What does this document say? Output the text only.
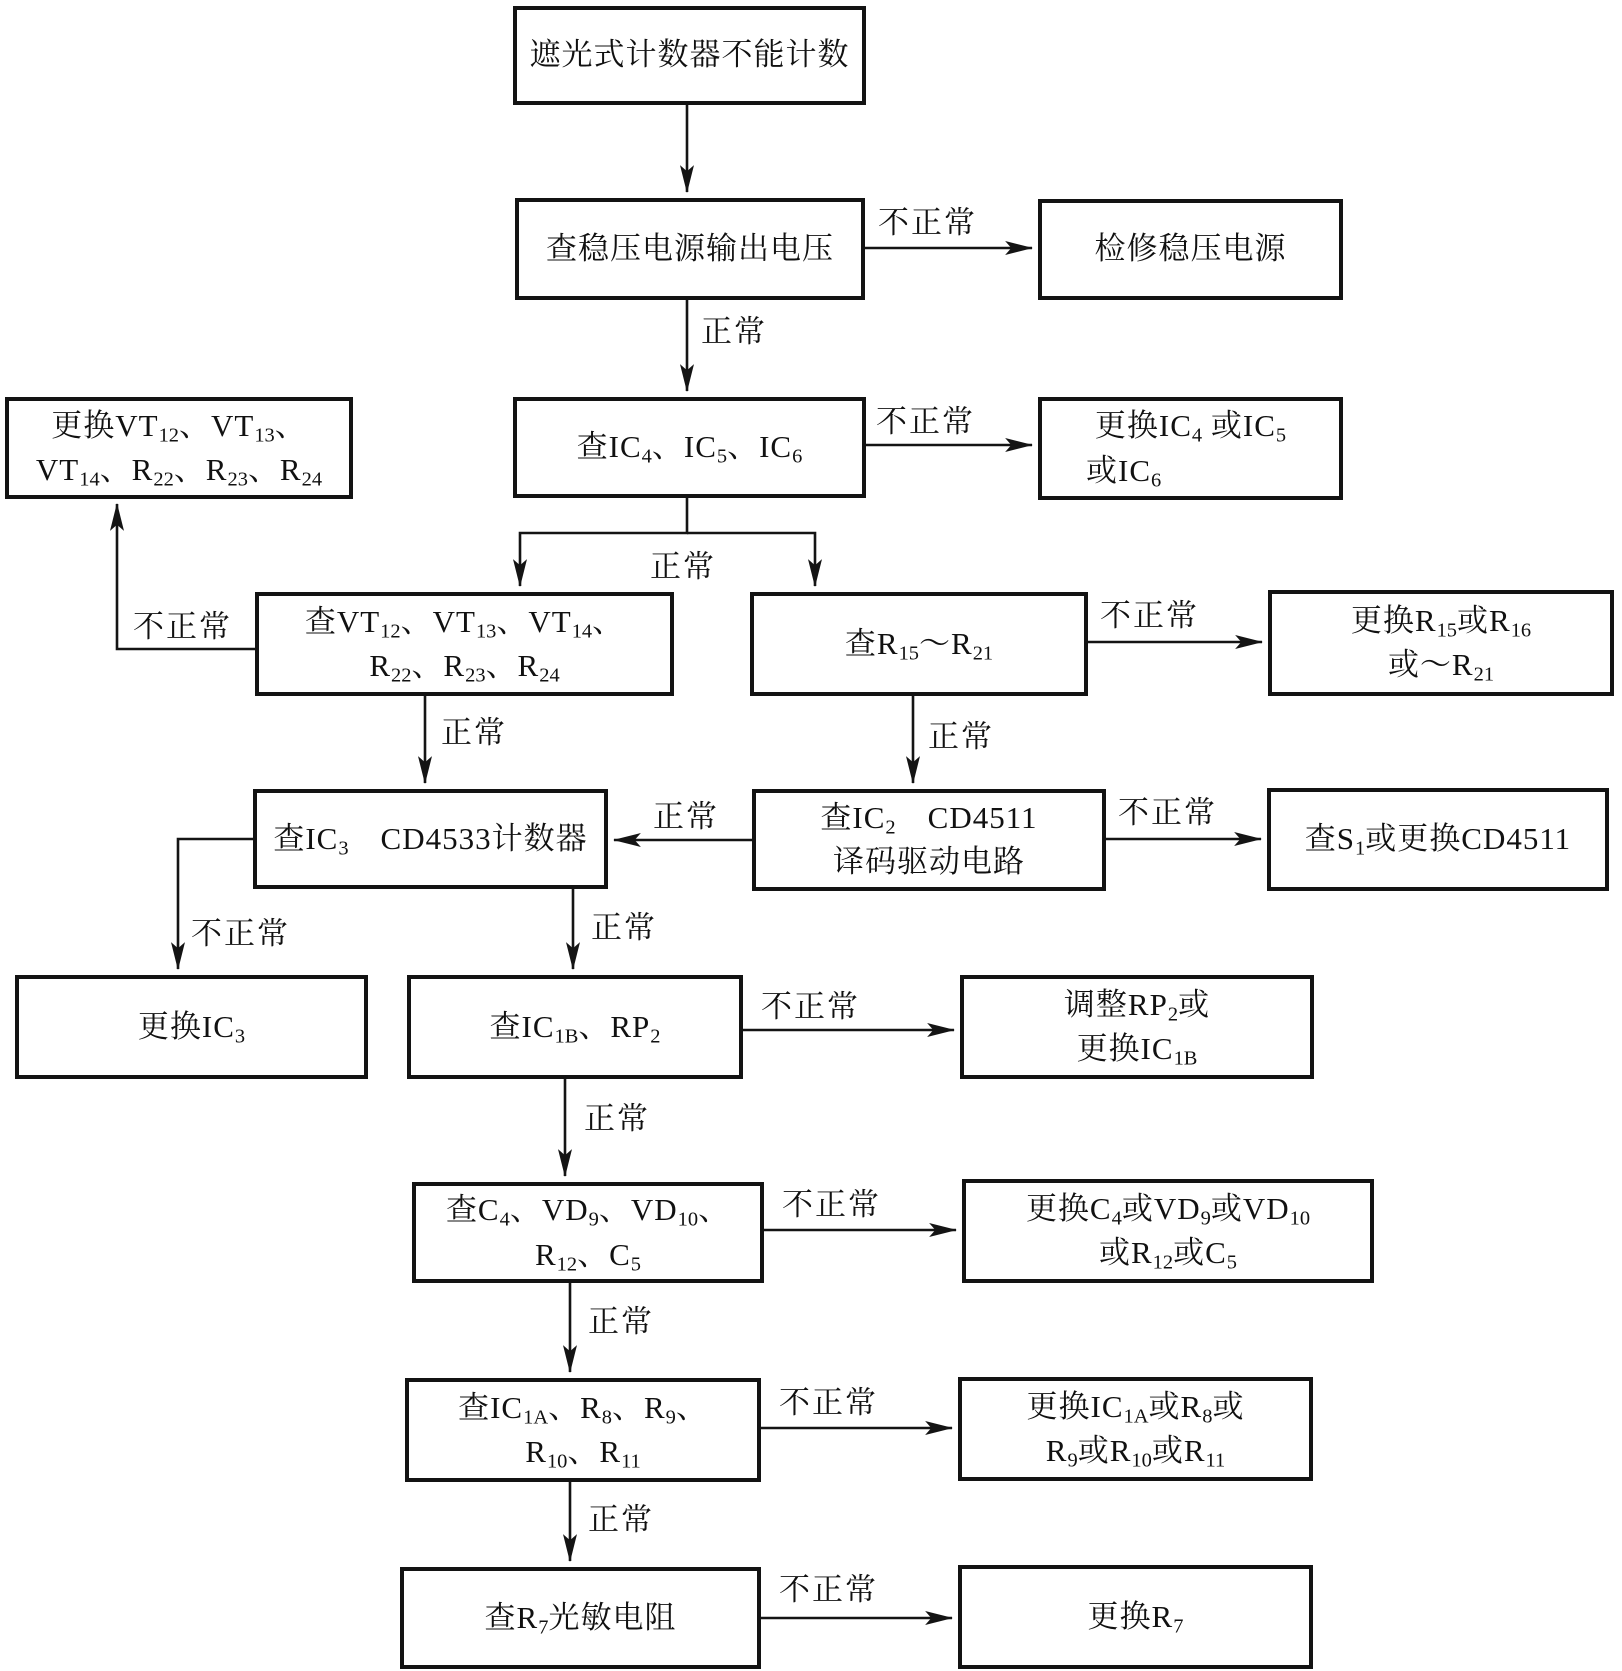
遮光式计数器不能计数
查稳压电源输出电压	检修稳压电源
更换$VT_{12}$、$VT_{13}$、
$VT_{14}$、$R_{22}$、$R_{23}$、$R_{24}$
查$IC_4$、$IC_5$、$IC_6$
更换$IC_4$ 或$IC_5$
或$IC_6$
查$VT_{12}$、$VT_{13}$、$VT_{14}$、
$R_{22}$、$R_{23}$、$R_{24}$
查$R_{15}\sim R_{21}$
更换$R_{15}$或$R_{16}$
或$\sim R_{21}$
查$IC_3$　CD4533计数器
查$IC_2$　CD4511
译码驱动电路
查$S_1$或更换CD4511
更换$IC_3$	查$IC_{1B}$、$RP_2$
调整$RP_2$或
更换$IC_{1B}$
查$C_4$、$VD_9$、$VD_{10}$、
$R_{12}$、$C_5$
更换$C_4$或$VD_9$或$VD_{10}$
或$R_{12}$或$C_5$
查$IC_{1A}$、$R_8$、$R_9$、
$R_{10}$、$R_{11}$
更换$IC_{1A}$或$R_8$或
$R_9$或$R_{10}$或$R_{11}$
查$R_7$光敏电阻	更换$R_7$
不正常
正常
不正常
正常
不正常
正常
不正常
正常
正常	不正常
不正常	正常
不正常
正常
不正常
正常
不正常
正常
不正常
